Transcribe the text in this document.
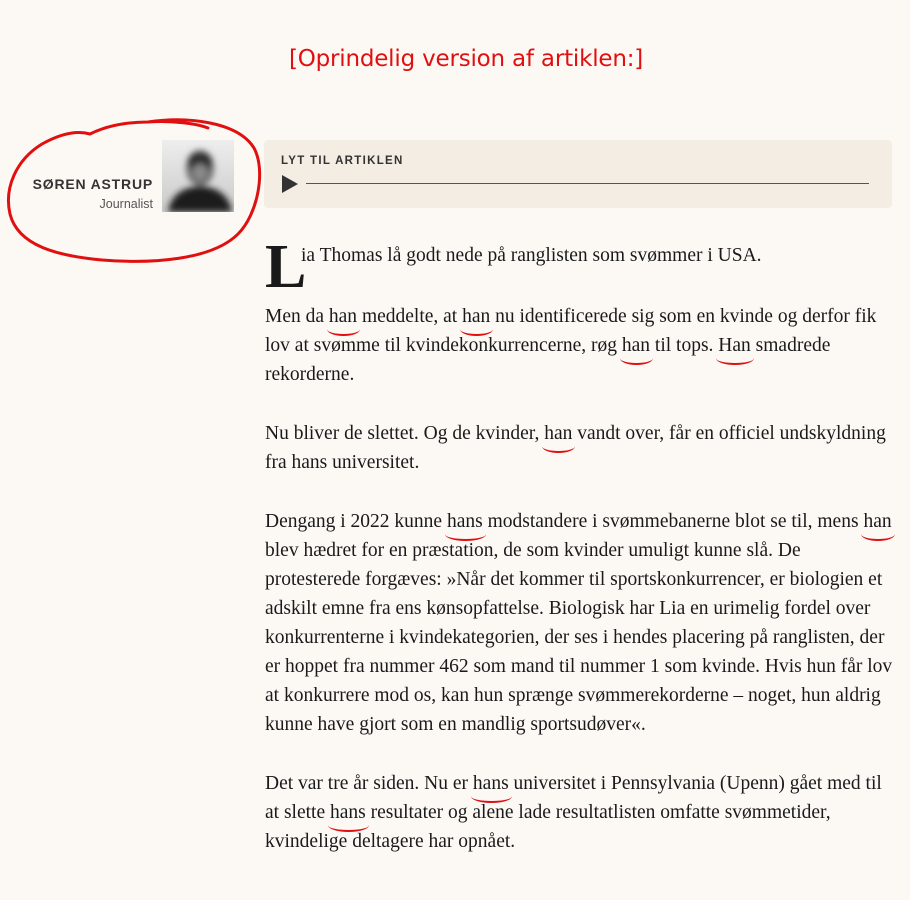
[Oprindelig version af artiklen:]
SØREN ASTRUP
Journalist
LYT TIL ARTIKLEN
L
ia Thomas lå godt nede på ranglisten som svømmer i USA.

Men da han meddelte, at han nu identificerede sig som en kvinde og derfor fik lov at svømme til kvindekonkurrencerne, røg han til tops. Han smadrede rekorderne.

Nu bliver de slettet. Og de kvinder, han vandt over, får en officiel undskyldning fra hans universitet.

Dengang i 2022 kunne hans modstandere i svømmebanerne blot se til, mens han blev hædret for en præstation, de som kvinder umuligt kunne slå. De protesterede forgæves: »Når det kommer til sportskonkurrencer, er biologien et adskilt emne fra ens kønsopfattelse. Biologisk har Lia en urimelig fordel over konkurrenterne i kvindekategorien, der ses i hendes placering på ranglisten, der er hoppet fra nummer 462 som mand til nummer 1 som kvinde. Hvis hun får lov at konkurrere mod os, kan hun sprænge svømmerekorderne – noget, hun aldrig kunne have gjort som en mandlig sportsudøver«.

Det var tre år siden. Nu er hans universitet i Pennsylvania (Upenn) gået med til at slette hans resultater og alene lade resultatlisten omfatte svømmetider, kvindelige deltagere har opnået.
